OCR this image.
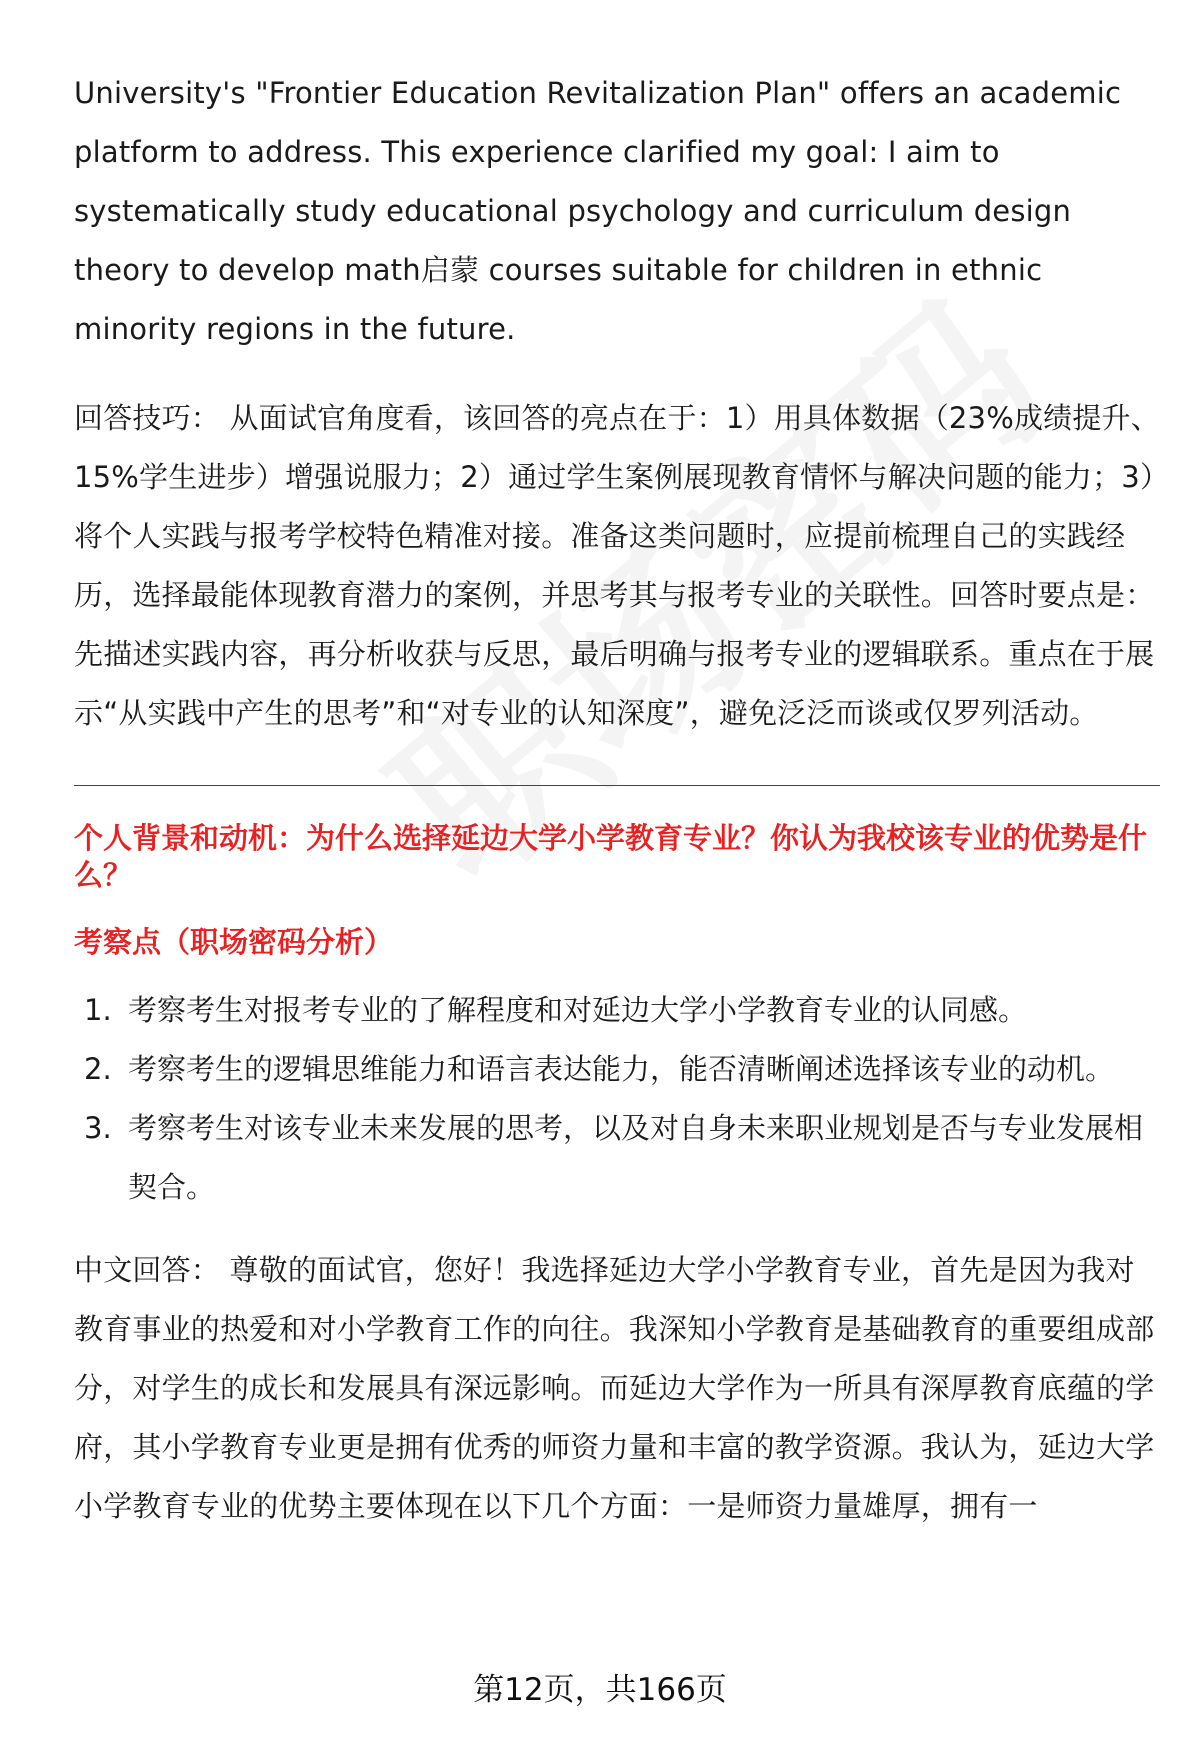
University's "Frontier Education Revitalization Plan" offers an academic platform to address. This experience clarified my goal: I aim to systematically study educational psychology and curriculum design theory to develop math启蒙 courses suitable for children in ethnic minority regions in the future.

回答技巧： 从面试官角度看，该回答的亮点在于：1）用具体数据（23%成绩提升、15%学生进步）增强说服力；2）通过学生案例展现教育情怀与解决问题的能力；3）将个人实践与报考学校特色精准对接。准备这类问题时，应提前梳理自己的实践经历，选择最能体现教育潜力的案例，并思考其与报考专业的关联性。回答时要点是：先描述实践内容，再分析收获与反思，最后明确与报考专业的逻辑联系。重点在于展示“从实践中产生的思考”和“对专业的认知深度”，避免泛泛而谈或仅罗列活动。

个人背景和动机：为什么选择延边大学小学教育专业？你认为我校该专业的优势是什么？
考察点（职场密码分析）
1. 考察考生对报考专业的了解程度和对延边大学小学教育专业的认同感。
2. 考察考生的逻辑思维能力和语言表达能力，能否清晰阐述选择该专业的动机。
3. 考察考生对该专业未来发展的思考，以及对自身未来职业规划是否与专业发展相契合。

中文回答： 尊敬的面试官，您好！我选择延边大学小学教育专业，首先是因为我对教育事业的热爱和对小学教育工作的向往。我深知小学教育是基础教育的重要组成部分，对学生的成长和发展具有深远影响。而延边大学作为一所具有深厚教育底蕴的学府，其小学教育专业更是拥有优秀的师资力量和丰富的教学资源。我认为，延边大学小学教育专业的优势主要体现在以下几个方面：一是师资力量雄厚，拥有一

第12页，共166页
